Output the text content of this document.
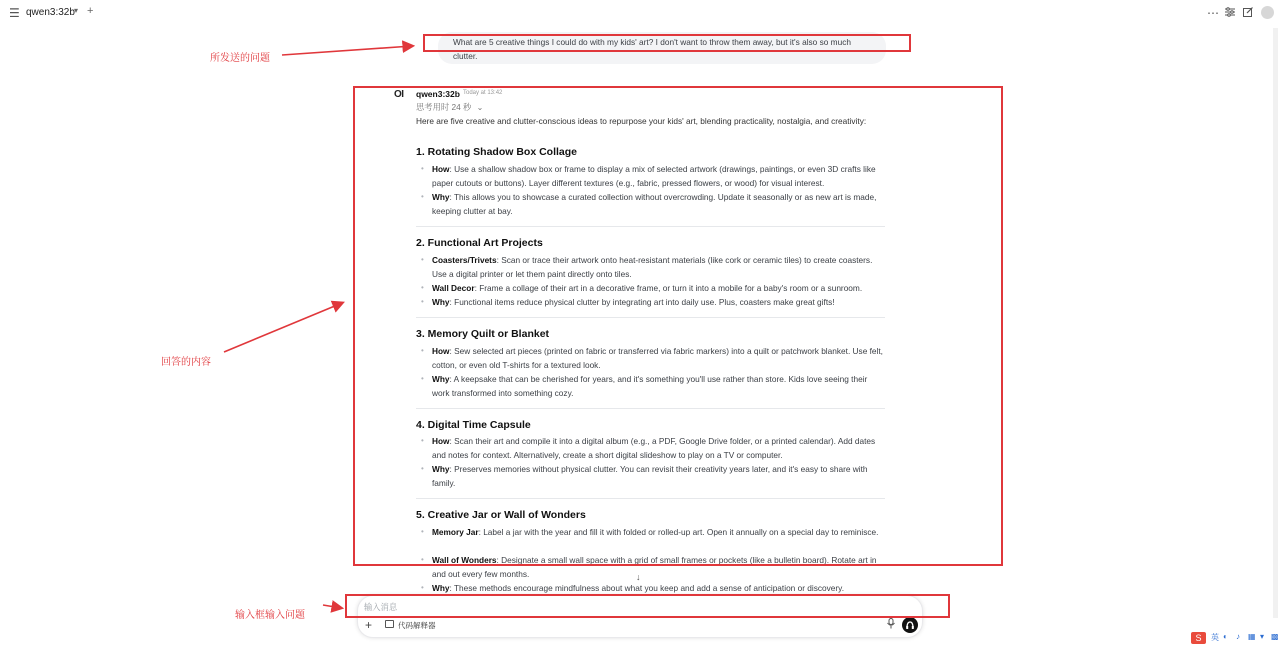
☰ qwen3:32b ▾ +	⋯
What are 5 creative things I could do with my kids' art? I don't want to throw them away, but it's also so much clutter.
OI qwen3:32b Today at 13:42
思考用时 24 秒 ⌄
Here are five creative and clutter-conscious ideas to repurpose your kids' art, blending practicality, nostalgia, and creativity:
1. Rotating Shadow Box Collage
• How: Use a shallow shadow box or frame to display a mix of selected artwork (drawings, paintings, or even 3D crafts like paper cutouts or buttons). Layer different textures (e.g., fabric, pressed flowers, or wood) for visual interest.
• Why: This allows you to showcase a curated collection without overcrowding. Update it seasonally or as new art is made, keeping clutter at bay.
2. Functional Art Projects
• Coasters/Trivets: Scan or trace their artwork onto heat-resistant materials (like cork or ceramic tiles) to create coasters. Use a digital printer or let them paint directly onto tiles.
• Wall Decor: Frame a collage of their art in a decorative frame, or turn it into a mobile for a baby's room or a sunroom.
• Why: Functional items reduce physical clutter by integrating art into daily use. Plus, coasters make great gifts!
3. Memory Quilt or Blanket
• How: Sew selected art pieces (printed on fabric or transferred via fabric markers) into a quilt or patchwork blanket. Use felt, cotton, or even old T-shirts for a textured look.
• Why: A keepsake that can be cherished for years, and it's something you'll use rather than store. Kids love seeing their work transformed into something cozy.
4. Digital Time Capsule
• How: Scan their art and compile it into a digital album (e.g., a PDF, Google Drive folder, or a printed calendar). Add dates and notes for context. Alternatively, create a short digital slideshow to play on a TV or computer.
• Why: Preserves memories without physical clutter. You can revisit their creativity years later, and it's easy to share with family.
5. Creative Jar or Wall of Wonders
• Memory Jar: Label a jar with the year and fill it with folded or rolled-up art. Open it annually on a special day to reminisce.
• Wall of Wonders: Designate a small wall space with a grid of small frames or pockets (like a bulletin board). Rotate art in and out every few months.
• Why: These methods encourage mindfulness about what you keep and add a sense of anticipation or discovery.
↓
输入消息
+	代码解释器
所发送的问题
回答的内容
输入框输入问题
S	英 ◐ ♪ ▦ ▾ ▩
